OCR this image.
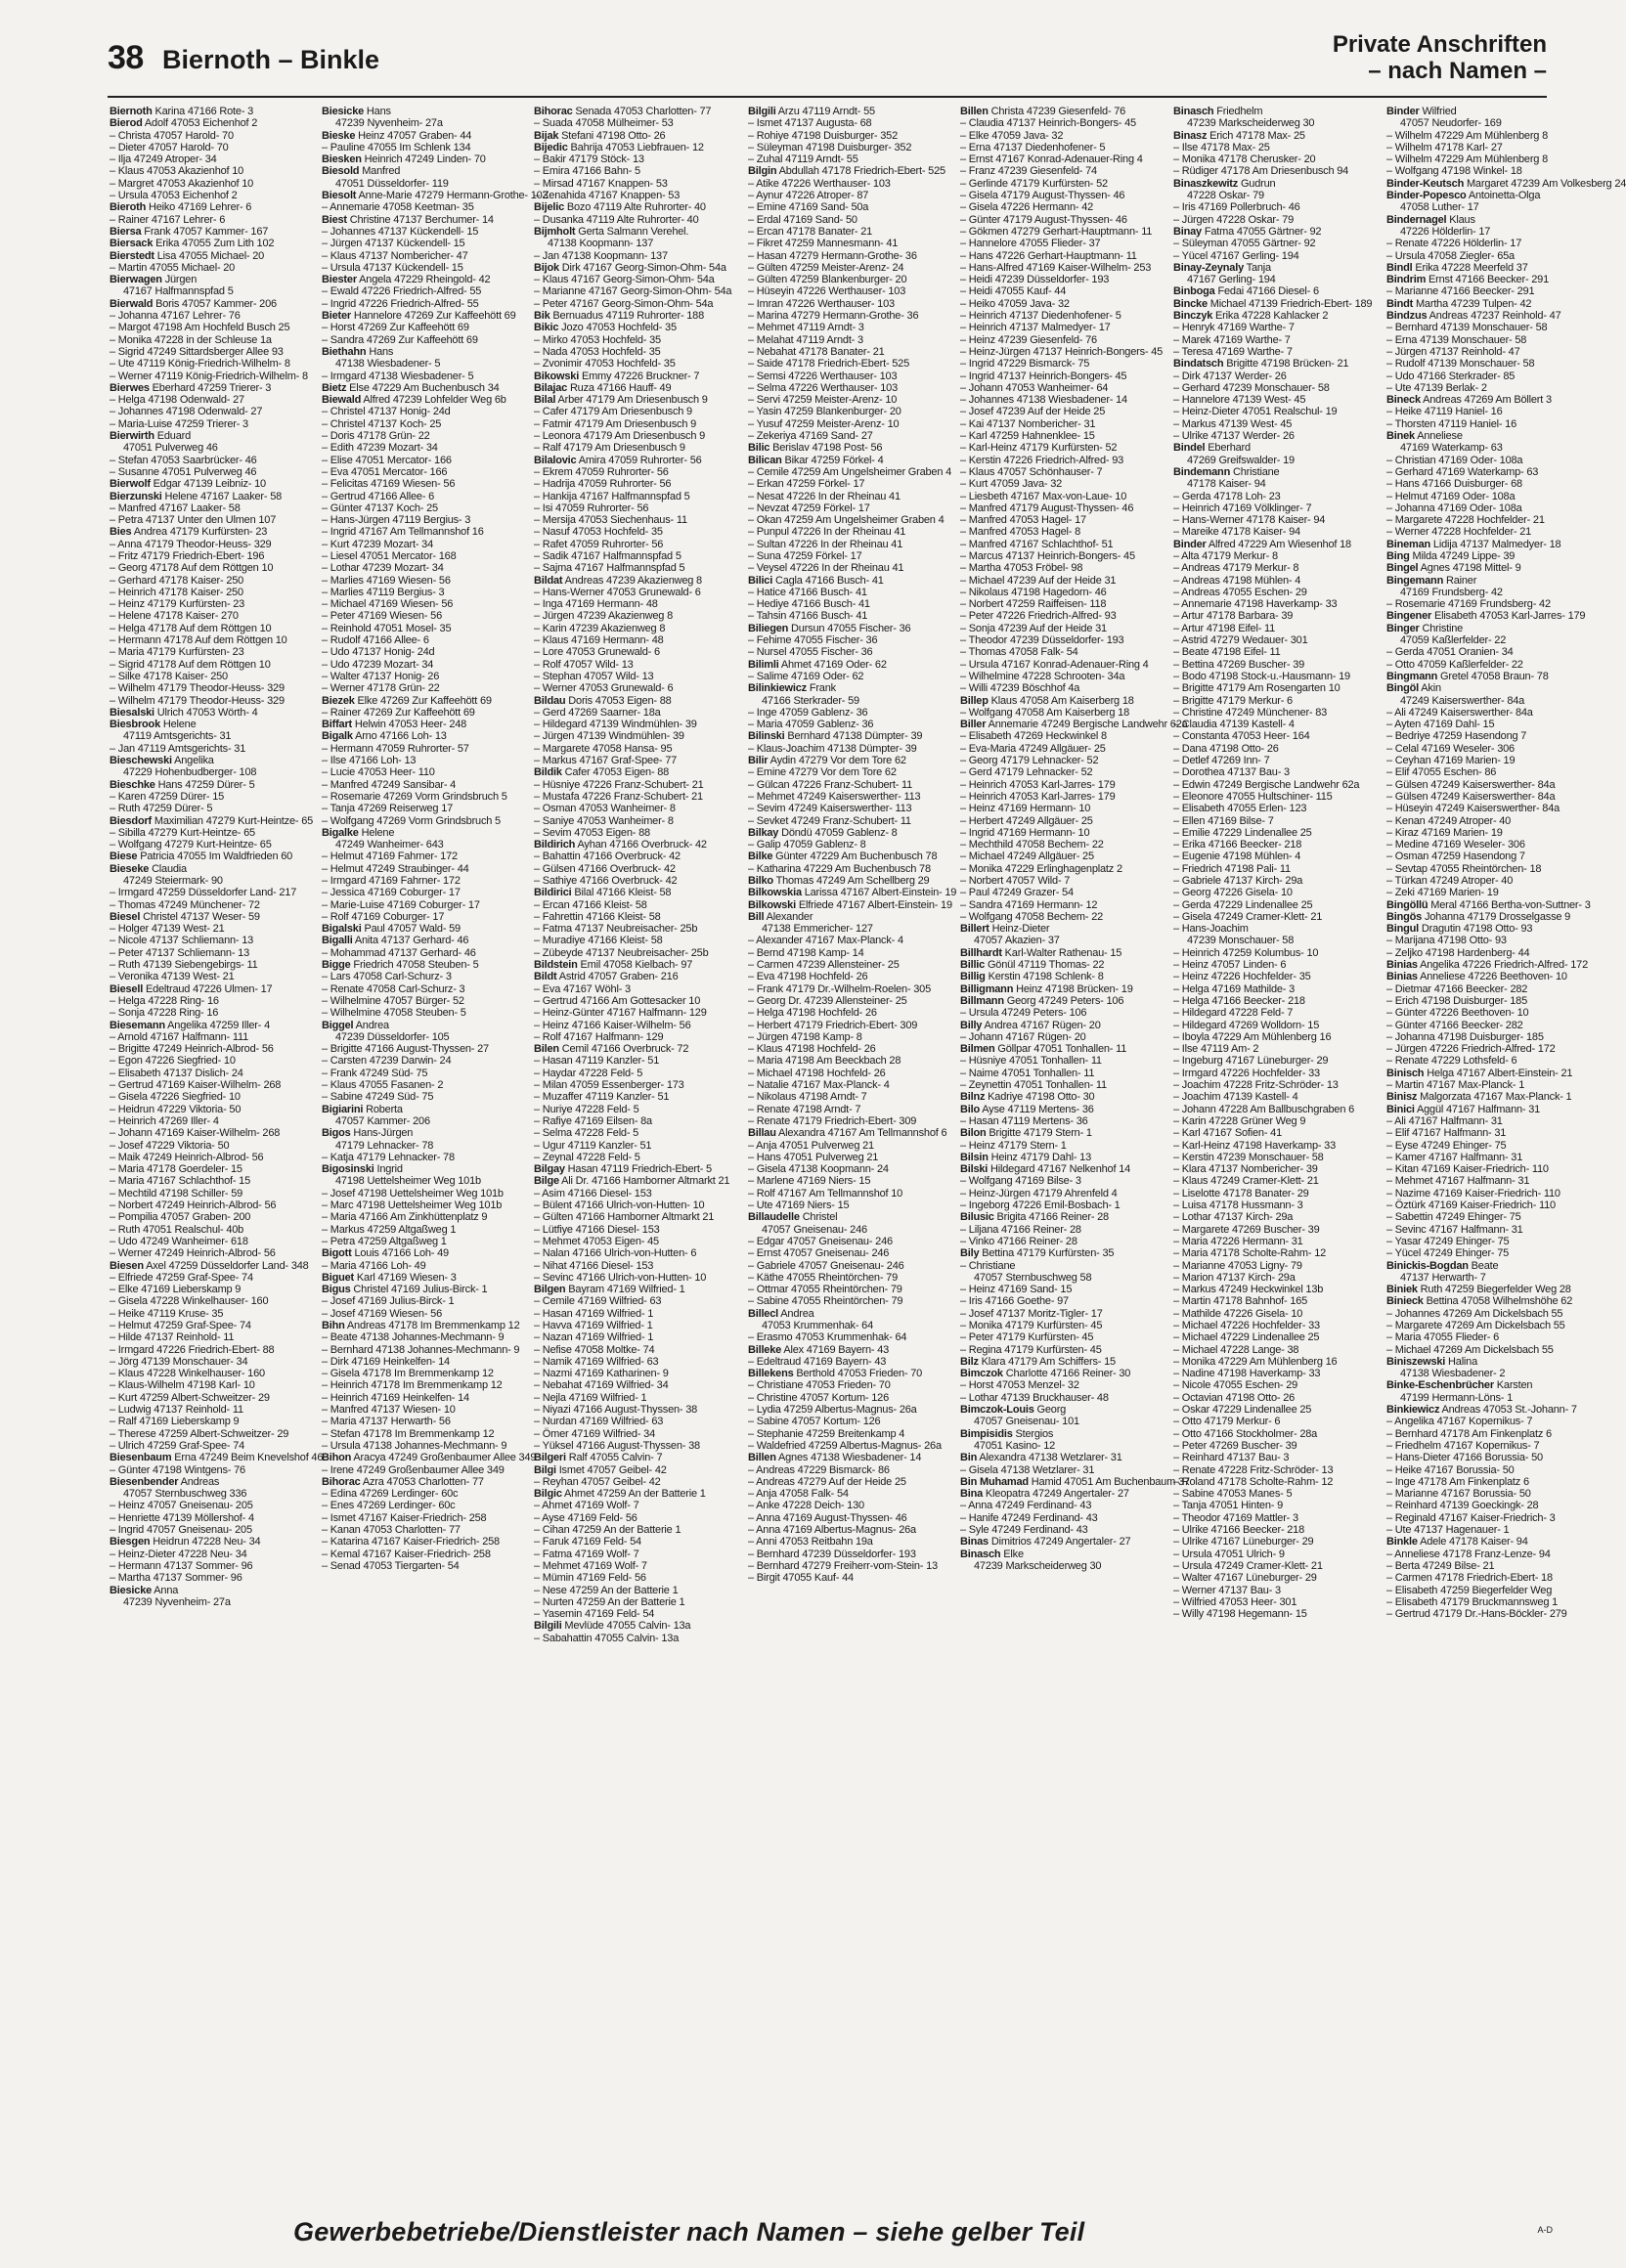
38 Biernoth – Binkle
Private Anschriften
– nach Namen –
Biernoth Karina 47166 Rote- 3
Bierod Adolf 47053 Eichenhof 2
– Christa 47057 Harold- 70
– Dieter 47057 Harold- 70
– Ilja 47249 Atroper- 34
– Klaus 47053 Akazienhof 10
– Margret 47053 Akazienhof 10
– Ursula 47053 Eichenhof 2
Bieroth Heiko 47169 Lehrer- 6
– Rainer 47167 Lehrer- 6
Biersa Frank 47057 Kammer- 167
Biersack Erika 47055 Zum Lith 102
Bierstedt Lisa 47055 Michael- 20
– Martin 47055 Michael- 20
Bierwagen Jürgen
47167 Halfmannspfad 5
Bierwald Boris 47057 Kammer- 206
– Johanna 47167 Lehrer- 76
– Margot 47198 Am Hochfeld Busch 25
– Monika 47228 in der Schleuse 1a
– Sigrid 47249 Sittardsberger Allee 93
– Ute 47119 König-Friedrich-Wilhelm- 8
– Werner 47119 König-Friedrich-Wilhelm- 8
Bierwes Eberhard 47259 Trierer- 3
– Helga 47198 Odenwald- 27
– Johannes 47198 Odenwald- 27
– Maria-Luise 47259 Trierer- 3
Bierwirth Eduard
47051 Pulverweg 46
– Stefan 47053 Saarbrücker- 46
– Susanne 47051 Pulverweg 46
Bierwolf Edgar 47139 Leibniz- 10
Bierzunski Helene 47167 Laaker- 58
– Manfred 47167 Laaker- 58
– Petra 47137 Unter den Ulmen 107
Bies Andrea 47179 Kurfürsten- 23
– Anna 47179 Theodor-Heuss- 329
– Fritz 47179 Friedrich-Ebert- 196
– Georg 47178 Auf dem Röttgen 10
– Gerhard 47178 Kaiser- 250
– Heinrich 47178 Kaiser- 250
– Heinz 47179 Kurfürsten- 23
– Helene 47178 Kaiser- 270
– Helga 47178 Auf dem Röttgen 10
– Hermann 47178 Auf dem Röttgen 10
– Maria 47179 Kurfürsten- 23
– Sigrid 47178 Auf dem Röttgen 10
– Silke 47178 Kaiser- 250
– Wilhelm 47179 Theodor-Heuss- 329
– Wilhelm 47179 Theodor-Heuss- 329
Biesalski Ulrich 47053 Wörth- 4
Biesbrook Helene
47119 Amtsgerichts- 31
– Jan 47119 Amtsgerichts- 31
Bieschewski Angelika
47229 Hohenbudberger- 108
Bieschke Hans 47259 Dürer- 5
– Karen 47259 Dürer- 15
– Ruth 47259 Dürer- 5
Biesdorf Maximilian 47279 Kurt-Heintze- 65
– Sibilla 47279 Kurt-Heintze- 65
– Wolfgang 47279 Kurt-Heintze- 65
Biese Patricia 47055 Im Waldfrieden 60
Bieseke Claudia
47249 Steiermark- 90
– Irmgard 47259 Düsseldorfer Land- 217
– Thomas 47249 Münchener- 72
Biesel Christel 47137 Weser- 59
– Holger 47139 West- 21
– Nicole 47137 Schliemann- 13
– Peter 47137 Schliemann- 13
– Ruth 47139 Siebengebirgs- 11
– Veronika 47139 West- 21
Biesell Edeltraud 47226 Ulmen- 17
– Helga 47228 Ring- 16
– Sonja 47228 Ring- 16
Biesemann Angelika 47259 Iller- 4
– Arnold 47167 Halfmann- 111
– Brigitte 47249 Heinrich-Albrod- 56
– Egon 47226 Siegfried- 10
– Elisabeth 47137 Dislich- 24
– Gertrud 47169 Kaiser-Wilhelm- 268
– Gisela 47226 Siegfried- 10
– Heidrun 47229 Viktoria- 50
– Heinrich 47269 Iller- 4
– Johann 47169 Kaiser-Wilhelm- 268
– Josef 47229 Viktoria- 50
– Maik 47249 Heinrich-Albrod- 56
– Maria 47178 Goerdeler- 15
– Maria 47167 Schlachthof- 15
– Mechtild 47198 Schiller- 59
– Norbert 47249 Heinrich-Albrod- 56
– Pompilia 47057 Graben- 200
– Ruth 47051 Realschul- 40b
– Udo 47249 Wanheimer- 618
– Werner 47249 Heinrich-Albrod- 56
Biesen Axel 47259 Düsseldorfer Land- 348
– Elfriede 47259 Graf-Spee- 74
– Elke 47169 Lieberskamp 9
– Gisela 47228 Winkelhauser- 160
– Heike 47119 Kruse- 35
– Helmut 47259 Graf-Spee- 74
– Hilde 47137 Reinhold- 11
– Irmgard 47226 Friedrich-Ebert- 88
– Jörg 47139 Monschauer- 34
– Klaus 47228 Winkelhauser- 160
– Klaus-Wilhelm 47198 Karl- 10
– Kurt 47259 Albert-Schweitzer- 29
– Ludwig 47137 Reinhold- 11
– Ralf 47169 Lieberskamp 9
– Therese 47259 Albert-Schweitzer- 29
– Ulrich 47259 Graf-Spee- 74
Biesenbaum Erna 47249 Beim Knevelshof 46
– Günter 47198 Wintgens- 76
Biesenbender Andreas
47057 Sternbuschweg 336
– Heinz 47057 Gneisenau- 205
– Henriette 47139 Möllershof- 4
– Ingrid 47057 Gneisenau- 205
Biesgen Heidrun 47228 Neu- 34
– Heinz-Dieter 47228 Neu- 34
– Hermann 47137 Sommer- 96
– Martha 47137 Sommer- 96
Biesicke Anna
47239 Nyvenheim- 27a
Biesicke Hans
47239 Nyvenheim- 27a
Bieske Heinz 47057 Graben- 44
– Pauline 47055 Im Schlenk 134
Biesken Heinrich 47249 Linden- 70
Biesold Manfred
47051 Düsseldorfer- 119
Biesolt Anne-Marie 47279 Hermann-Grothe- 103
– Annemarie 47058 Keetman- 35
Biest Christine 47137 Berchumer- 14
– Johannes 47137 Kückendell- 15
– Jürgen 47137 Kückendell- 15
– Klaus 47137 Nombericher- 47
– Ursula 47137 Kückendell- 15
Biester Angela 47229 Rheingold- 42
– Ewald 47226 Friedrich-Alfred- 55
– Ingrid 47226 Friedrich-Alfred- 55
Bieter Hannelore 47269 Zur Kaffeehött 69
– Horst 47269 Zur Kaffeehött 69
– Sandra 47269 Zur Kaffeehött 69
Biethahn Hans
47138 Wiesbadener- 5
– Irmgard 47138 Wiesbadener- 5
Bietz Else 47229 Am Buchenbusch 34
Biewald Alfred 47239 Lohfelder Weg 6b
– Christel 47137 Honig- 24d
– Christel 47137 Koch- 25
– Doris 47178 Grün- 22
– Edith 47239 Mozart- 34
– Elise 47051 Mercator- 166
– Eva 47051 Mercator- 166
– Felicitas 47169 Wiesen- 56
– Gertrud 47166 Allee- 6
– Günter 47137 Koch- 25
– Hans-Jürgen 47119 Bergius- 3
– Ingrid 47167 Am Tellmannshof 16
– Kurt 47239 Mozart- 34
– Liesel 47051 Mercator- 168
– Lothar 47239 Mozart- 34
– Marlies 47169 Wiesen- 56
– Marlies 47119 Bergius- 3
– Michael 47169 Wiesen- 56
– Peter 47169 Wiesen- 56
– Reinhold 47051 Mosel- 35
– Rudolf 47166 Allee- 6
– Udo 47137 Honig- 24d
– Udo 47239 Mozart- 34
– Walter 47137 Honig- 26
– Werner 47178 Grün- 22
Biezek Elke 47269 Zur Kaffeehött 69
– Rainer 47269 Zur Kaffeehött 69
Biffart Helwin 47053 Heer- 248
Bigalk Arno 47166 Loh- 13
– Hermann 47059 Ruhrorter- 57
– Ilse 47166 Loh- 13
– Lucie 47053 Heer- 110
– Manfred 47249 Sansibar- 4
– Rosemarie 47269 Vorm Grindsbruch 5
– Tanja 47269 Reiserweg 17
– Wolfgang 47269 Vorm Grindsbruch 5
Bigalke Helene
47249 Wanheimer- 643
– Helmut 47169 Fahrner- 172
– Helmut 47249 Straubinger- 44
– Irmgard 47169 Fahrner- 172
– Jessica 47169 Coburger- 17
– Marie-Luise 47169 Coburger- 17
– Rolf 47169 Coburger- 17
Bigalski Paul 47057 Wald- 59
Bigalli Anita 47137 Gerhard- 46
– Mohammad 47137 Gerhard- 46
Bigge Friedrich 47058 Steuben- 5
– Lars 47058 Carl-Schurz- 3
– Renate 47058 Carl-Schurz- 3
– Wilhelmine 47057 Bürger- 52
– Wilhelmine 47058 Steuben- 5
Biggel Andrea
47239 Düsseldorfer- 105
– Brigitte 47166 August-Thyssen- 27
– Carsten 47239 Darwin- 24
– Frank 47249 Süd- 75
– Klaus 47055 Fasanen- 2
– Sabine 47249 Süd- 75
Bigiarini Roberta
47057 Kammer- 206
Bigos Hans-Jürgen
47179 Lehnacker- 78
– Katja 47179 Lehnacker- 78
Bigosinski Ingrid
47198 Uettelsheimer Weg 101b
– Josef 47198 Uettelsheimer Weg 101b
– Marc 47198 Uettelsheimer Weg 101b
– Maria 47166 Am Zinkhüttenplatz 9
– Markus 47259 Altgaßweg 1
– Petra 47259 Altgaßweg 1
Bigott Louis 47166 Loh- 49
– Maria 47166 Loh- 49
Biguet Karl 47169 Wiesen- 3
Bigus Christel 47169 Julius-Birck- 1
– Josef 47169 Julius-Birck- 1
– Josef 47169 Wiesen- 56
Bihn Andreas 47178 Im Bremmenkamp 12
– Beate 47138 Johannes-Mechmann- 9
– Bernhard 47138 Johannes-Mechmann- 9
– Dirk 47169 Heinkelfen- 14
– Gisela 47178 Im Bremmenkamp 12
– Heinrich 47178 Im Bremmenkamp 12
– Heinrich 47169 Heinkelfen- 14
– Manfred 47137 Wiesen- 10
– Maria 47137 Herwarth- 56
– Stefan 47178 Im Bremmenkamp 12
– Ursula 47138 Johannes-Mechmann- 9
Bihon Aracya 47249 Großenbaumer Allee 349
– Irene 47249 Großenbaumer Allee 349
Bihorac Azra 47053 Charlotten- 77
– Edina 47269 Lerdinger- 60c
– Enes 47269 Lerdinger- 60c
– Ismet 47167 Kaiser-Friedrich- 258
– Kanan 47053 Charlotten- 77
– Katarina 47167 Kaiser-Friedrich- 258
– Kemal 47167 Kaiser-Friedrich- 258
– Senad 47053 Tiergarten- 54
Bihorac Senada 47053 Charlotten- 77
– Suada 47058 Mülheimer- 53
Bijak Stefani 47198 Otto- 26
Bijedic Bahrija 47053 Liebfrauen- 12
– Bakir 47179 Stöck- 13
– Emira 47166 Bahn- 5
– Mirsad 47167 Knappen- 53
– Zenahida 47167 Knappen- 53
Bijelic Bozo 47119 Alte Ruhrorter- 40
– Dusanka 47119 Alte Ruhrorter- 40
Bijmholt Gerta Salmann Verehel.
47138 Koopmann- 137
– Jan 47138 Koopmann- 137
Bijok Dirk 47167 Georg-Simon-Ohm- 54a
– Klaus 47167 Georg-Simon-Ohm- 54a
– Marianne 47167 Georg-Simon-Ohm- 54a
– Peter 47167 Georg-Simon-Ohm- 54a
Bik Bernuadus 47119 Ruhrorter- 188
Bikic Jozo 47053 Hochfeld- 35
– Mirko 47053 Hochfeld- 35
– Nada 47053 Hochfeld- 35
– Zvonimir 47053 Hochfeld- 35
Bikowski Emmy 47226 Bruckner- 7
Bilajac Ruza 47166 Hauff- 49
Bilal Arber 47179 Am Driesenbusch 9
– Cafer 47179 Am Driesenbusch 9
– Fatmir 47179 Am Driesenbusch 9
– Leonora 47179 Am Driesenbusch 9
– Ralf 47179 Am Driesenbusch 9
Bilalovic Amira 47059 Ruhrorter- 56
– Ekrem 47059 Ruhrorter- 56
– Hadrija 47059 Ruhrorter- 56
– Hankija 47167 Halfmannspfad 5
– Isi 47059 Ruhrorter- 56
– Mersija 47053 Siechenhaus- 11
– Nasuf 47053 Hochfeld- 35
– Rafet 47059 Ruhrorter- 56
– Sadik 47167 Halfmannspfad 5
– Sajma 47167 Halfmannspfad 5
Bildat Andreas 47239 Akazienweg 8
– Hans-Werner 47053 Grunewald- 6
– Inga 47169 Hermann- 48
– Jürgen 47239 Akazienweg 8
– Karin 47239 Akazienweg 8
– Klaus 47169 Hermann- 48
– Lore 47053 Grunewald- 6
– Rolf 47057 Wild- 13
– Stephan 47057 Wild- 13
– Werner 47053 Grunewald- 6
Bildau Doris 47053 Eigen- 88
– Gerd 47269 Saarner- 18a
– Hildegard 47139 Windmühlen- 39
– Jürgen 47139 Windmühlen- 39
– Margarete 47058 Hansa- 95
– Markus 47167 Graf-Spee- 77
Bildik Cafer 47053 Eigen- 88
– Hüsniye 47226 Franz-Schubert- 21
– Mustafa 47226 Franz-Schubert- 21
– Osman 47053 Wanheimer- 8
– Saniye 47053 Wanheimer- 8
– Sevim 47053 Eigen- 88
Bildirich Ayhan 47166 Overbruck- 42
– Bahattin 47166 Overbruck- 42
– Gülsen 47166 Overbruck- 42
– Sathiye 47166 Overbruck- 42
Bildirici Bilal 47166 Kleist- 58
– Ercan 47166 Kleist- 58
– Fahrettin 47166 Kleist- 58
– Fatma 47137 Neubreisacher- 25b
– Muradiye 47166 Kleist- 58
– Zübeyde 47137 Neubreisacher- 25b
Bildstein Emil 47058 Kielbach- 97
Bildt Astrid 47057 Graben- 216
– Eva 47167 Wöhl- 3
– Gertrud 47166 Am Gottesacker 10
– Heinz-Günter 47167 Halfmann- 129
– Heinz 47166 Kaiser-Wilhelm- 56
– Rolf 47167 Halfmann- 129
Bilen Cemil 47166 Overbruck- 72
– Hasan 47119 Kanzler- 51
– Haydar 47228 Feld- 5
– Milan 47059 Essenberger- 173
– Muzaffer 47119 Kanzler- 51
– Nuriye 47228 Feld- 5
– Rafiye 47169 Eilsen- 8a
– Selma 47228 Feld- 5
– Ugur 47119 Kanzler- 51
– Zeynal 47228 Feld- 5
Bilgay Hasan 47119 Friedrich-Ebert- 5
Bilge Ali Dr. 47166 Hamborner Altmarkt 21
– Asim 47166 Diesel- 153
– Bülent 47166 Ulrich-von-Hutten- 10
– Gülten 47166 Hamborner Altmarkt 21
– Lütfiye 47166 Diesel- 153
– Mehmet 47053 Eigen- 45
– Nalan 47166 Ulrich-von-Hutten- 6
– Nihat 47166 Diesel- 153
– Sevinc 47166 Ulrich-von-Hutten- 10
Bilgen Bayram 47169 Wilfried- 1
– Cemile 47169 Wilfried- 63
– Hasan 47169 Wilfried- 1
– Havva 47169 Wilfried- 1
– Nazan 47169 Wilfried- 1
– Nefise 47058 Moltke- 74
– Namik 47169 Wilfried- 63
– Nazmi 47169 Katharinen- 9
– Nebahat 47169 Wilfried- 34
– Nejla 47169 Wilfried- 1
– Niyazi 47166 August-Thyssen- 38
– Nurdan 47169 Wilfried- 63
– Ömer 47169 Wilfried- 34
– Yüksel 47166 August-Thyssen- 38
Bilgeri Ralf 47055 Calvin- 7
Bilgi Ismet 47057 Geibel- 42
– Reyhan 47057 Geibel- 42
Bilgic Ahmet 47259 An der Batterie 1
– Ahmet 47169 Wolf- 7
– Ayse 47169 Feld- 56
– Cihan 47259 An der Batterie 1
– Faruk 47169 Feld- 54
– Fatma 47169 Wolf- 7
– Mehmet 47169 Wolf- 7
– Mümin 47169 Feld- 56
– Nese 47259 An der Batterie 1
– Nurten 47259 An der Batterie 1
– Yasemin 47169 Feld- 54
Bilgili Mevlüde 47055 Calvin- 13a
– Sabahattin 47055 Calvin- 13a
Bilgili Arzu 47119 Arndt- 55
– Ismet 47137 Augusta- 68
– Rohiye 47198 Duisburger- 352
– Süleyman 47198 Duisburger- 352
– Zuhal 47119 Arndt- 55
Bilgin Abdullah 47178 Friedrich-Ebert- 525
– Atike 47226 Werthauser- 103
– Aynur 47226 Atroper- 87
– Emine 47169 Sand- 50a
– Erdal 47169 Sand- 50
– Ercan 47178 Banater- 21
– Fikret 47259 Mannesmann- 41
– Hasan 47279 Hermann-Grothe- 36
– Gülten 47259 Meister-Arenz- 24
– Gülten 47259 Blankenburger- 20
– Hüseyin 47226 Werthauser- 103
– Imran 47226 Werthauser- 103
– Marina 47279 Hermann-Grothe- 36
– Mehmet 47119 Arndt- 3
– Melahat 47119 Arndt- 3
– Nebahat 47178 Banater- 21
– Saide 47178 Friedrich-Ebert- 525
– Semsi 47226 Werthauser- 103
– Selma 47226 Werthauser- 103
– Servi 47259 Meister-Arenz- 10
– Yasin 47259 Blankenburger- 20
– Yusuf 47259 Meister-Arenz- 10
– Zekeriya 47169 Sand- 27
Bilic Berislav 47198 Post- 56
Bilican Bikar 47259 Förkel- 4
– Cemile 47259 Am Ungelsheimer Graben 4
– Erkan 47259 Förkel- 17
– Nesat 47226 In der Rheinau 41
– Nevzat 47259 Förkel- 17
– Okan 47259 Am Ungelsheimer Graben 4
– Punpul 47226 In der Rheinau 41
– Sultan 47226 In der Rheinau 41
– Suna 47259 Förkel- 17
– Veysel 47226 In der Rheinau 41
Bilici Cagla 47166 Busch- 41
– Hatice 47166 Busch- 41
– Hediye 47166 Busch- 41
– Tahsin 47166 Busch- 41
Biliegen Dursun 47055 Fischer- 36
– Fehime 47055 Fischer- 36
– Nursel 47055 Fischer- 36
Bilimli Ahmet 47169 Oder- 62
– Salime 47169 Oder- 62
Bilinkiewicz Frank
47166 Sterkrader- 59
– Inge 47059 Gablenz- 36
– Maria 47059 Gablenz- 36
Bilinski Bernhard 47138 Dümpter- 39
– Klaus-Joachim 47138 Dümpter- 39
Bilir Aydin 47279 Vor dem Tore 62
– Emine 47279 Vor dem Tore 62
– Gülcan 47226 Franz-Schubert- 11
– Mehmet 47249 Kaiserswerther- 113
– Sevim 47249 Kaiserswerther- 113
– Sevket 47249 Franz-Schubert- 11
Bilkay Döndü 47059 Gablenz- 8
– Galip 47059 Gablenz- 8
Bilke Günter 47229 Am Buchenbusch 78
– Katharina 47229 Am Buchenbusch 78
Bilko Thomas 47249 Am Schellberg 29
Bilkowskia Larissa 47167 Albert-Einstein- 19
Bilkowski Elfriede 47167 Albert-Einstein- 19
Bill Alexander
47138 Emmericher- 127
– Alexander 47167 Max-Planck- 4
– Bernd 47198 Kamp- 14
– Carmen 47239 Allensteiner- 25
– Eva 47198 Hochfeld- 26
– Frank 47179 Dr.-Wilhelm-Roelen- 305
– Georg Dr. 47239 Allensteiner- 25
– Helga 47198 Hochfeld- 26
– Herbert 47179 Friedrich-Ebert- 309
– Jürgen 47198 Kamp- 8
– Klaus 47198 Hochfeld- 26
– Maria 47198 Am Beeckbach 28
– Michael 47198 Hochfeld- 26
– Natalie 47167 Max-Planck- 4
– Nikolaus 47198 Arndt- 7
– Renate 47198 Arndt- 7
– Renate 47179 Friedrich-Ebert- 309
Billau Alexandra 47167 Am Tellmannshof 6
– Anja 47051 Pulverweg 21
– Hans 47051 Pulverweg 21
– Gisela 47138 Koopmann- 24
– Marlene 47169 Niers- 15
– Rolf 47167 Am Tellmannshof 10
– Ute 47169 Niers- 15
Billaudelle Christel
47057 Gneisenau- 246
– Edgar 47057 Gneisenau- 246
– Ernst 47057 Gneisenau- 246
– Gabriele 47057 Gneisenau- 246
– Käthe 47055 Rheintörchen- 79
– Ottmar 47055 Rheintörchen- 79
– Sabine 47055 Rheintörchen- 79
Billecl Andrea
47053 Krummenhak- 64
– Erasmo 47053 Krummenhak- 64
Billeke Alex 47169 Bayern- 43
– Edeltraud 47169 Bayern- 43
Billekens Berthold 47053 Frieden- 70
– Christiane 47053 Frieden- 70
– Christine 47057 Kortum- 126
– Lydia 47259 Albertus-Magnus- 26a
– Sabine 47057 Kortum- 126
– Stephanie 47259 Breitenkamp 4
– Waldefried 47259 Albertus-Magnus- 26a
Billen Agnes 47138 Wiesbadener- 14
– Andreas 47229 Bismarck- 86
– Andreas 47279 Auf der Heide 25
– Anja 47058 Falk- 54
– Anke 47228 Deich- 130
– Anna 47169 August-Thyssen- 46
– Anna 47169 Albertus-Magnus- 26a
– Anni 47053 Reitbahn 19a
– Bernhard 47239 Düsseldorfer- 193
– Bernhard 47279 Freiherr-vom-Stein- 13
– Birgit 47055 Kauf- 44
Billen Christa 47239 Giesenfeld- 76
– Claudia 47137 Heinrich-Bongers- 45
– Elke 47059 Java- 32
– Erna 47137 Diedenhofener- 5
– Ernst 47167 Konrad-Adenauer-Ring 4
– Franz 47239 Giesenfeld- 74
– Gerlinde 47179 Kurfürsten- 52
– Gisela 47179 August-Thyssen- 46
– Gisela 47226 Hermann- 42
– Günter 47179 August-Thyssen- 46
– Gökmen 47279 Gerhart-Hauptmann- 11
– Hannelore 47055 Flieder- 37
– Hans 47226 Gerhart-Hauptmann- 11
– Hans-Alfred 47169 Kaiser-Wilhelm- 253
– Heidi 47239 Düsseldorfer- 193
– Heidi 47055 Kauf- 44
– Heiko 47059 Java- 32
– Heinrich 47137 Diedenhofener- 5
– Heinrich 47137 Malmedyer- 17
– Heinz 47239 Giesenfeld- 76
– Heinz-Jürgen 47137 Heinrich-Bongers- 45
– Ingrid 47229 Bismarck- 75
– Ingrid 47137 Heinrich-Bongers- 45
– Johann 47053 Wanheimer- 64
– Johannes 47138 Wiesbadener- 14
– Josef 47239 Auf der Heide 25
– Kai 47137 Nombericher- 31
– Karl 47259 Hahnenklee- 15
– Karl-Heinz 47179 Kurfürsten- 52
– Kerstin 47226 Friedrich-Alfred- 93
– Klaus 47057 Schönhauser- 7
– Kurt 47059 Java- 32
– Liesbeth 47167 Max-von-Laue- 10
– Manfred 47179 August-Thyssen- 46
– Manfred 47053 Hagel- 17
– Manfred 47053 Hagel- 8
– Manfred 47167 Schlachthof- 51
– Marcus 47137 Heinrich-Bongers- 45
– Martha 47053 Fröbel- 98
– Michael 47239 Auf der Heide 31
– Nikolaus 47198 Hagedorn- 46
– Norbert 47259 Raiffeisen- 118
– Peter 47226 Friedrich-Alfred- 93
– Sonja 47239 Auf der Heide 31
– Theodor 47239 Düsseldorfer- 193
– Thomas 47058 Falk- 54
– Ursula 47167 Konrad-Adenauer-Ring 4
– Wilhelmine 47228 Schrooten- 34a
– Willi 47239 Böschhof 4a
Billep Klaus 47058 Am Kaiserberg 18
– Wolfgang 47058 Am Kaiserberg 18
Biller Annemarie 47249 Bergische Landwehr 62a
– Elisabeth 47269 Heckwinkel 8
– Eva-Maria 47249 Allgäuer- 25
– Georg 47179 Lehnacker- 52
– Gerd 47179 Lehnacker- 52
– Heinrich 47053 Karl-Jarres- 179
– Heinrich 47053 Karl-Jarres- 179
– Heinz 47169 Hermann- 10
– Herbert 47249 Allgäuer- 25
– Ingrid 47169 Hermann- 10
– Mechthild 47058 Bechem- 22
– Michael 47249 Allgäuer- 25
– Monika 47229 Erlinghagenplatz 2
– Norbert 47057 Wild- 7
– Paul 47249 Grazer- 54
– Sandra 47169 Hermann- 12
– Wolfgang 47058 Bechem- 22
Billert Heinz-Dieter
47057 Akazien- 37
Billhardt Karl-Walter Rathenau- 15
Billic Gönül 47119 Thomas- 22
Billig Kerstin 47198 Schlenk- 8
Billigmann Heinz 47198 Brücken- 19
Billmann Georg 47249 Peters- 106
– Ursula 47249 Peters- 106
Billy Andrea 47167 Rügen- 20
– Johann 47167 Rügen- 20
Bilmen Göllpar 47051 Tonhallen- 11
– Hüsniye 47051 Tonhallen- 11
– Naime 47051 Tonhallen- 11
– Zeynettin 47051 Tonhallen- 11
Bilnz Kadriye 47198 Otto- 30
Bilo Ayse 47119 Mertens- 36
– Hasan 47119 Mertens- 36
Bilon Brigitte 47179 Stern- 1
– Heinz 47179 Stern- 1
Bilsin Heinz 47179 Dahl- 13
Bilski Hildegard 47167 Nelkenhof 14
– Wolfgang 47169 Bilse- 3
– Heinz-Jürgen 47179 Ahrenfeld 4
– Ingeborg 47226 Emil-Bosbach- 1
Bilusic Brigita 47166 Reiner- 28
– Liljana 47166 Reiner- 28
– Vinko 47166 Reiner- 28
Bily Bettina 47179 Kurfürsten- 35
– Christiane
47057 Sternbuschweg 58
– Heinz 47169 Sand- 15
– Iris 47166 Goethe- 97
– Josef 47137 Moritz-Tigler- 17
– Monika 47179 Kurfürsten- 45
– Peter 47179 Kurfürsten- 45
– Regina 47179 Kurfürsten- 45
Bilz Klara 47179 Am Schiffers- 15
Bimczok Charlotte 47166 Reiner- 30
– Horst 47053 Menzel- 32
– Lothar 47139 Bruckhauser- 48
Bimczok-Louis Georg
47057 Gneisenau- 101
Bimpisidis Stergios
47051 Kasino- 12
Bin Alexandra 47138 Wetzlarer- 31
– Gisela 47138 Wetzlarer- 31
Bin Muhamad Hamid 47051 Am Buchenbaum 37
Bina Kleopatra 47249 Angertaler- 27
– Anna 47249 Ferdinand- 43
– Hanife 47249 Ferdinand- 43
– Syle 47249 Ferdinand- 43
Binas Dimitrios 47249 Angertaler- 27
Binasch Elke
47239 Markscheiderweg 30
Binasch Friedhelm
47239 Markscheiderweg 30
Binasz Erich 47178 Max- 25
– Ilse 47178 Max- 25
– Monika 47178 Cherusker- 20
– Rüdiger 47178 Am Driesenbusch 94
Binaszkewitz Gudrun
47228 Oskar- 79
– Iris 47169 Pollerbruch- 46
– Jürgen 47228 Oskar- 79
Binay Fatma 47055 Gärtner- 92
– Süleyman 47055 Gärtner- 92
– Yücel 47167 Gerling- 194
Binay-Zeynaly Tanja
47167 Gerling- 194
Binboga Fedai 47166 Diesel- 6
Bincke Michael 47139 Friedrich-Ebert- 189
Binczyk Erika 47228 Kahlacker 2
– Henryk 47169 Warthe- 7
– Marek 47169 Warthe- 7
– Teresa 47169 Warthe- 7
Bindatsch Brigitte 47198 Brücken- 21
– Dirk 47137 Werder- 26
– Gerhard 47239 Monschauer- 58
– Hannelore 47139 West- 45
– Heinz-Dieter 47051 Realschul- 19
– Markus 47139 West- 45
– Ulrike 47137 Werder- 26
Bindel Eberhard
47269 Greifswalder- 19
Bindemann Christiane
47178 Kaiser- 94
– Gerda 47178 Loh- 23
– Heinrich 47169 Völklinger- 7
– Hans-Werner 47178 Kaiser- 94
– Mareike 47178 Kaiser- 94
Binder Alfred 47229 Am Wiesenhof 18
– Alta 47179 Merkur- 8
– Andreas 47179 Merkur- 8
– Andreas 47198 Mühlen- 4
– Andreas 47055 Eschen- 29
– Annemarie 47198 Haverkamp- 33
– Artur 47178 Barbara- 39
– Artur 47198 Eifel- 11
– Astrid 47279 Wedauer- 301
– Beate 47198 Eifel- 11
– Bettina 47269 Buscher- 39
– Bodo 47198 Stock-u.-Hausmann- 19
– Brigitte 47179 Am Rosengarten 10
– Brigitte 47179 Merkur- 6
– Christine 47249 Münchener- 83
– Claudia 47139 Kastell- 4
– Constanta 47053 Heer- 164
– Dana 47198 Otto- 26
– Detlef 47269 Inn- 7
– Dorothea 47137 Bau- 3
– Edwin 47249 Bergische Landwehr 62a
– Eleonore 47055 Hultschiner- 115
– Elisabeth 47055 Erlen- 123
– Ellen 47169 Bilse- 7
– Emilie 47229 Lindenallee 25
– Erika 47166 Beecker- 218
– Eugenie 47198 Mühlen- 4
– Friedrich 47198 Pali- 11
– Gabriele 47137 Kirch- 29a
– Georg 47226 Gisela- 10
– Gerda 47229 Lindenallee 25
– Gisela 47249 Cramer-Klett- 21
– Hans-Joachim
47239 Monschauer- 58
– Heinrich 47259 Kolumbus- 10
– Heinz 47057 Linden- 6
– Heinz 47226 Hochfelder- 35
– Helga 47169 Mathilde- 3
– Helga 47166 Beecker- 218
– Hildegard 47228 Feld- 7
– Hildegard 47269 Wolldorn- 15
– Iboyla 47229 Am Mühlenberg 16
– Ilse 47119 Am- 2
– Ingeburg 47167 Lüneburger- 29
– Irmgard 47226 Hochfelder- 33
– Joachim 47228 Fritz-Schröder- 13
– Joachim 47139 Kastell- 4
– Johann 47228 Am Ballbuschgraben 6
– Karin 47228 Grüner Weg 9
– Karl 47167 Sofien- 41
– Karl-Heinz 47198 Haverkamp- 33
– Kerstin 47239 Monschauer- 58
– Klara 47137 Nombericher- 39
– Klaus 47249 Cramer-Klett- 21
– Liselotte 47178 Banater- 29
– Luisa 47178 Hussmann- 3
– Lothar 47137 Kirch- 29a
– Margarete 47269 Buscher- 39
– Maria 47226 Hermann- 31
– Maria 47178 Scholte-Rahm- 12
– Marianne 47053 Ligny- 79
– Marion 47137 Kirch- 29a
– Markus 47249 Heckwinkel 13b
– Martin 47178 Bahnhof- 165
– Mathilde 47226 Gisela- 10
– Michael 47226 Hochfelder- 33
– Michael 47229 Lindenallee 25
– Michael 47228 Lange- 38
– Monika 47229 Am Mühlenberg 16
– Nadine 47198 Haverkamp- 33
– Nicole 47055 Eschen- 29
– Octavian 47198 Otto- 26
– Oskar 47229 Lindenallee 25
– Otto 47179 Merkur- 6
– Otto 47166 Stockholmer- 28a
– Peter 47269 Buscher- 39
– Reinhard 47137 Bau- 3
– Renate 47228 Fritz-Schröder- 13
– Roland 47178 Scholte-Rahm- 12
– Sabine 47053 Manes- 5
– Tanja 47051 Hinten- 9
– Theodor 47169 Mattler- 3
– Ulrike 47166 Beecker- 218
– Ulrike 47167 Lüneburger- 29
– Ursula 47051 Ulrich- 9
– Ursula 47249 Cramer-Klett- 21
– Walter 47167 Lüneburger- 29
– Werner 47137 Bau- 3
– Wilfried 47053 Heer- 301
– Willy 47198 Hegemann- 15
Binder Wilfried
47057 Neudorfer- 169
– Wilhelm 47229 Am Mühlenberg 8
– Wilhelm 47178 Karl- 27
– Wilhelm 47229 Am Mühlenberg 8
– Wolfgang 47198 Winkel- 18
Binder-Keutsch Margaret 47239 Am Volkesberg 24
Binder-Popesco Antoinetta-Olga
47058 Luther- 17
Bindernagel Klaus
47226 Hölderlin- 17
– Renate 47226 Hölderlin- 17
– Ursula 47058 Ziegler- 65a
Bindl Erika 47228 Meerfeld 37
Bindrim Ernst 47166 Beecker- 291
– Marianne 47166 Beecker- 291
Bindt Martha 47239 Tulpen- 42
Bindzus Andreas 47237 Reinhold- 47
– Bernhard 47139 Monschauer- 58
– Erna 47139 Monschauer- 58
– Jürgen 47137 Reinhold- 47
– Rudolf 47139 Monschauer- 58
– Udo 47166 Sterkrader- 85
– Ute 47139 Berlak- 2
Bineck Andreas 47269 Am Böllert 3
– Heike 47119 Haniel- 16
– Thorsten 47119 Haniel- 16
Binek Anneliese
47169 Waterkamp- 63
– Christian 47169 Oder- 108a
– Gerhard 47169 Waterkamp- 63
– Hans 47166 Duisburger- 68
– Helmut 47169 Oder- 108a
– Johanna 47169 Oder- 108a
– Margarete 47228 Hochfelder- 21
– Werner 47228 Hochfelder- 21
Bineman Lidija 47137 Malmedyer- 18
Bing Milda 47249 Lippe- 39
Bingel Agnes 47198 Mittel- 9
Bingemann Rainer
47169 Frundsberg- 42
– Rosemarie 47169 Frundsberg- 42
Bingener Elisabeth 47053 Karl-Jarres- 179
Binger Christine
47059 Kaßlerfelder- 22
– Gerda 47051 Oranien- 34
– Otto 47059 Kaßlerfelder- 22
Bingmann Gretel 47058 Braun- 78
Bingöl Akin
47249 Kaiserswerther- 84a
– Ali 47249 Kaiserswerther- 84a
– Ayten 47169 Dahl- 15
– Bedriye 47259 Hasendong 7
– Celal 47169 Weseler- 306
– Ceyhan 47169 Marien- 19
– Elif 47055 Eschen- 86
– Gülsen 47249 Kaiserswerther- 84a
– Gülsen 47249 Kaiserswerther- 84a
– Hüseyin 47249 Kaiserswerther- 84a
– Kenan 47249 Atroper- 40
– Kiraz 47169 Marien- 19
– Medine 47169 Weseler- 306
– Osman 47259 Hasendong 7
– Sevtap 47055 Rheintörchen- 18
– Türkan 47249 Atroper- 40
– Zeki 47169 Marien- 19
Bingöllü Meral 47166 Bertha-von-Suttner- 3
Bingös Johanna 47179 Drosselgasse 9
Bingul Dragutin 47198 Otto- 93
– Marijana 47198 Otto- 93
– Zeljko 47198 Hardenberg- 44
Binias Angelika 47226 Friedrich-Alfred- 172
Binias Anneliese 47226 Beethoven- 10
– Dietmar 47166 Beecker- 282
– Erich 47198 Duisburger- 185
– Günter 47226 Beethoven- 10
– Günter 47166 Beecker- 282
– Johanna 47198 Duisburger- 185
– Jürgen 47226 Friedrich-Alfred- 172
– Renate 47229 Lothsfeld- 6
Binisch Helga 47167 Albert-Einstein- 21
– Martin 47167 Max-Planck- 1
Binisz Malgorzata 47167 Max-Planck- 1
Binici Aggül 47167 Halfmann- 31
– Ali 47167 Halfmann- 31
– Elif 47167 Halfmann- 31
– Eyse 47249 Ehinger- 75
– Kamer 47167 Halfmann- 31
– Kitan 47169 Kaiser-Friedrich- 110
– Mehmet 47167 Halfmann- 31
– Nazime 47169 Kaiser-Friedrich- 110
– Öztürk 47169 Kaiser-Friedrich- 110
– Sabettin 47249 Ehinger- 75
– Sevinc 47167 Halfmann- 31
– Yasar 47249 Ehinger- 75
– Yücel 47249 Ehinger- 75
Binickis-Bogdan Beate
47137 Herwarth- 7
Biniek Ruth 47259 Biegerfelder Weg 28
Binieck Bettina 47058 Wilhelmshöhe 62
– Johannes 47269 Am Dickelsbach 55
– Margarete 47269 Am Dickelsbach 55
– Maria 47055 Flieder- 6
– Michael 47269 Am Dickelsbach 55
Biniszewski Halina
47138 Wiesbadener- 2
Binke-Eschenbrücher Karsten
47199 Hermann-Löns- 1
Binkiewicz Andreas 47053 St.-Johann- 7
– Angelika 47167 Kopernikus- 7
– Bernhard 47178 Am Finkenplatz 6
– Friedhelm 47167 Kopernikus- 7
– Hans-Dieter 47166 Borussia- 50
– Heike 47167 Borussia- 50
– Inge 47178 Am Finkenplatz 6
– Marianne 47167 Borussia- 50
– Reinhard 47139 Goeckingk- 28
– Reginald 47167 Kaiser-Friedrich- 3
– Ute 47137 Hagenauer- 1
Binkle Adele 47178 Kaiser- 94
– Anneliese 47178 Franz-Lenze- 94
– Berta 47249 Bilse- 21
– Carmen 47178 Friedrich-Ebert- 18
– Elisabeth 47259 Biegerfelder Weg
– Elisabeth 47179 Bruckmannsweg 1
– Gertrud 47179 Dr.-Hans-Böckler- 279
Gewerbebetriebe/Dienstleister nach Namen – siehe gelber Teil	A-D
